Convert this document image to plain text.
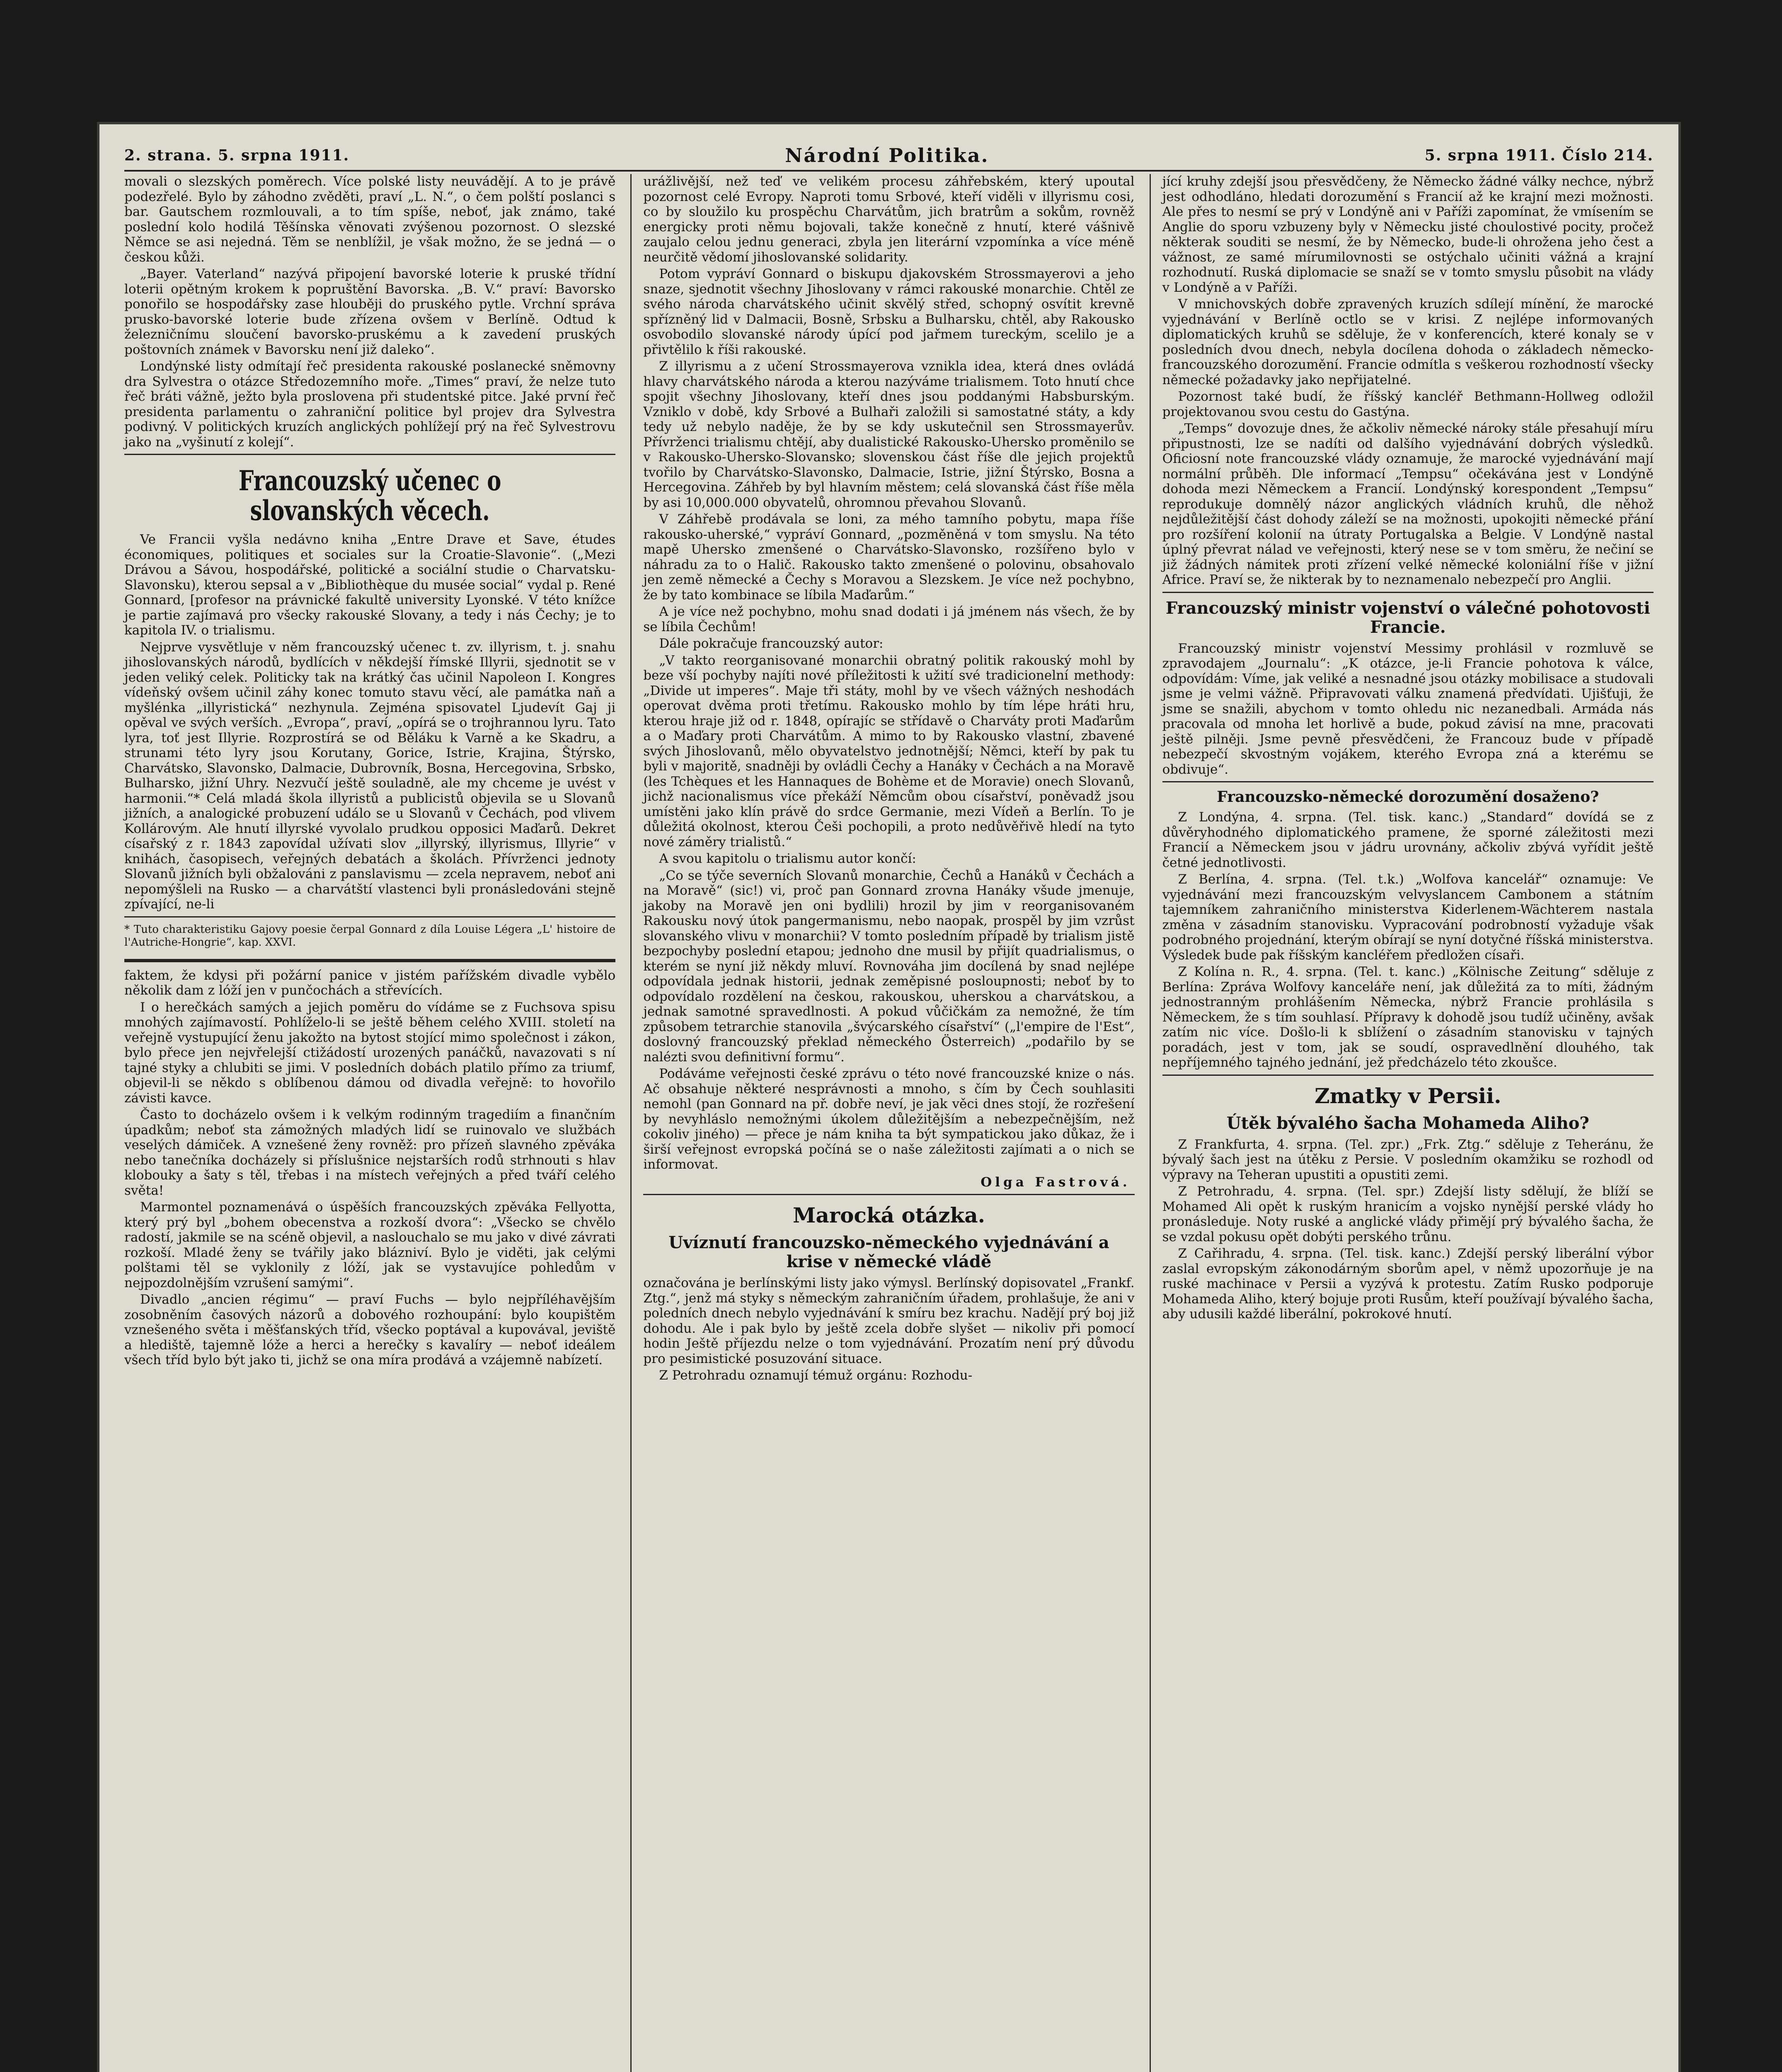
2. strana. 5. srpna 1911.	Národní Politika.	5. srpna 1911. Číslo 214.

movali o slezských poměrech. Více polské listy neuvádějí. A to je právě podezřelé. Bylo by záhodno zvěděti, praví „L. N.“, o čem polští poslanci s bar. Gautschem rozmlouvali, a to tím spíše, neboť, jak známo, také poslední kolo hodilá Těšínska věnovati zvýšenou pozornost. O slezské Němce se asi nejedná. Těm se nenblížil, je však možno, že se jedná — o českou kůži.

„Bayer. Vaterland“ nazývá připojení bavorské loterie k pruské třídní loterii opětným krokem k popruštění Bavorska. „B. V.“ praví: Bavorsko ponořilo se hospodářsky zase hlouběji do pruského pytle. Vrchní správa prusko-bavorské loterie bude zřízena ovšem v Berlíně. Odtud k železničnímu sloučení bavorsko-pruskému a k zavedení pruských poštovních známek v Bavorsku není již daleko“.

Londýnské listy odmítají řeč presidenta rakouské poslanecké sněmovny dra Sylvestra o otázce Středozemního moře. „Times“ praví, že nelze tuto řeč bráti vážně, ježto byla proslovena při studentské pitce. Jaké první řeč presidenta parlamentu o zahraniční politice byl projev dra Sylvestra podivný. V politických kruzích anglických pohlížejí prý na řeč Sylvestrovu jako na „vyšinutí z kolejí“.

Francouzský učenec o slovanských věcech.

Ve Francii vyšla nedávno kniha „Entre Drave et Save, études économiques, politiques et sociales sur la Croatie-Slavonie“. („Mezi Drávou a Sávou, hospodářské, politické a sociální studie o Charvatsku-Slavonsku), kterou sepsal a v „Bibliothèque du musée social“ vydal p. René Gonnard, [profesor na právnické fakultě university Lyonské. V této knížce je partie zajímavá pro všecky rakouské Slovany, a tedy i nás Čechy; je to kapitola IV. o trialismu.

Nejprve vysvětluje v něm francouzský učenec t. zv. illyrism, t. j. snahu jihoslovanských národů, bydlících v někdejší římské Illyrii, sjednotit se v jeden veliký celek. Politicky tak na krátký čas učinil Napoleon I. Kongres vídeňský ovšem učinil záhy konec tomuto stavu věcí, ale památka naň a myšlénka „illyristická“ nezhynula. Zejména spisovatel Ljudevít Gaj ji opěval ve svých verších. „Evropa“, praví, „opírá se o trojhrannou lyru. Tato lyra, toť jest Illyrie. Rozprostírá se od Běláku k Varně a ke Skadru, a strunami této lyry jsou Korutany, Gorice, Istrie, Krajina, Štýrsko, Charvátsko, Slavonsko, Dalmacie, Dubrovník, Bosna, Hercegovina, Srbsko, Bulharsko, jižní Uhry. Nezvučí ještě souladně, ale my chceme je uvést v harmonii.“* Celá mladá škola illyristů a publicistů objevila se u Slovanů jižních, a analogické probuzení událo se u Slovanů v Čechách, pod vlivem Kollárovým. Ale hnutí illyrské vyvolalo prudkou opposici Maďarů. Dekret císařský z r. 1843 zapovídal užívati slov „illyrský, illyrismus, Illyrie“ v knihách, časopisech, veřejných debatách a školách. Přívrženci jednoty Slovanů jižních byli obžalováni z panslavismu — zcela nepravem, neboť ani nepomýšleli na Rusko — a charvátští vlastenci byli pronásledováni stejně zpívající, ne-li

* Tuto charakteristiku Gajovy poesie čerpal Gonnard z díla Louise Légera „L' histoire de l'Autriche-Hongrie“, kap. XXVI.

faktem, že kdysi při požární panice v jistém pařížském divadle vybělo několik dam z lóží jen v punčochách a střevících.

I o herečkách samých a jejich poměru do vídáme se z Fuchsova spisu mnohých zajímavostí. Pohlíželo-li se ještě během celého XVIII. století na veřejně vystupující ženu jakožto na bytost stojící mimo společnost i zákon, bylo přece jen nejvřelejší ctižádostí urozených panáčků, navazovati s ní tajné styky a chlubiti se jimi. V posledních dobách platilo přímo za triumf, objevil-li se někdo s oblíbenou dámou od divadla veřejně: to hovořilo závisti kavce.

Často to docházelo ovšem i k velkým rodinným tragediím a finančním úpadkům; neboť sta zámožných mladých lidí se ruinovalo ve službách veselých dámiček. A vznešené ženy rovněž: pro přízeň slavného zpěváka nebo tanečníka docházely si příslušnice nejstarších rodů strhnouti s hlav klobouky a šaty s těl, třebas i na místech veřejných a před tváří celého světa!

Marmontel poznamenává o úspěších francouzských zpěváka Fellyotta, který prý byl „bohem obecenstva a rozkoší dvora“: „Všecko se chvělo radostí, jakmile se na scéně objevil, a naslouchalo se mu jako v divé závrati rozkoší. Mladé ženy se tvářily jako blázniví. Bylo je viděti, jak celými polštami těl se vyklonily z lóží, jak se vystavujíce pohledům v nejpozdolnějším vzrušení samými“.

Divadlo „ancien régimu“ — praví Fuchs — bylo nejpříléhavějším zosobněním časových názorů a dobového rozhoupání: bylo koupištěm vznešeného světa i měšťanských tříd, všecko poptával a kupovával, jeviště a hlediště, tajemně lóže a herci a herečky s kavalíry — neboť ideálem všech tříd bylo být jako ti, jichž se ona míra prodává a vzájemně nabízetí.

urážlivější, než teď ve velikém procesu záhřebském, který upoutal pozornost celé Evropy. Naproti tomu Srbové, kteří viděli v illyrismu cosi, co by sloužilo ku prospěchu Charvátům, jich bratrům a sokům, rovněž energicky proti němu bojovali, takže konečně z hnutí, které vášnivě zaujalo celou jednu generaci, zbyla jen literární vzpomínka a více méně neurčitě vědomí jihoslovanské solidarity.

Potom vypráví Gonnard o biskupu djakovském Strossmayerovi a jeho snaze, sjednotit všechny Jihoslovany v rámci rakouské monarchie. Chtěl ze svého národa charvátského učinit skvělý střed, schopný osvítit krevně spřízněný lid v Dalmacii, Bosně, Srbsku a Bulharsku, chtěl, aby Rakousko osvobodilo slovanské národy úpící pod jařmem tureckým, scelilo je a přivtělilo k říši rakouské.

Z illyrismu a z učení Strossmayerova vznikla idea, která dnes ovládá hlavy charvátského národa a kterou nazýváme trialismem. Toto hnutí chce spojit všechny Jihoslovany, kteří dnes jsou poddanými Habsburským. Vzniklo v době, kdy Srbové a Bulhaři založili si samostatné státy, a kdy tedy už nebylo naděje, že by se kdy uskutečnil sen Strossmayerův. Přívrženci trialismu chtějí, aby dualistické Rakousko-Uhersko proměnilo se v Rakousko-Uhersko-Slovansko; slovenskou část říše dle jejich projektů tvořilo by Charvátsko-Slavonsko, Dalmacie, Istrie, jižní Štýrsko, Bosna a Hercegovina. Záhřeb by byl hlavním městem; celá slovanská část říše měla by asi 10,000.000 obyvatelů, ohromnou převahou Slovanů.

V Záhřebě prodávala se loni, za mého tamního pobytu, mapa říše rakousko-uherské,“ vypráví Gonnard, „pozměněná v tom smyslu. Na této mapě Uhersko zmenšené o Charvátsko-Slavonsko, rozšířeno bylo v náhradu za to o Halič. Rakousko takto zmenšené o polovinu, obsahovalo jen země německé a Čechy s Moravou a Slezskem. Je více než pochybno, že by tato kombinace se líbila Maďarům.“

A je více než pochybno, mohu snad dodati i já jménem nás všech, že by se líbila Čechům!

Dále pokračuje francouzský autor:

„V takto reorganisované monarchii obratný politik rakouský mohl by beze vší pochyby najíti nové příležitosti k užití své tradicionelní methody: „Divide ut imperes“. Maje tři státy, mohl by ve všech vážných neshodách operovat dvěma proti třetímu. Rakousko mohlo by tím lépe hráti hru, kterou hraje již od r. 1848, opírajíc se střídavě o Charváty proti Maďarům a o Maďary proti Charvátům. A mimo to by Rakousko vlastní, zbavené svých Jihoslovanů, mělo obyvatelstvo jednotnější; Němci, kteří by pak tu byli v majoritě, snadněji by ovládli Čechy a Hanáky v Čechách a na Moravě (les Tchèques et les Hannaques de Bohème et de Moravie) onech Slovanů, jichž nacionalismus více překáží Němcům obou císařství, poněvadž jsou umístěni jako klín právě do srdce Germanie, mezi Vídeň a Berlín. To je důležitá okolnost, kterou Češi pochopili, a proto nedůvěřivě hledí na tyto nové záměry trialistů.“

A svou kapitolu o trialismu autor končí:

„Co se týče severních Slovanů monarchie, Čechů a Hanáků v Čechách a na Moravě“ (sic!) vi, proč pan Gonnard zrovna Hanáky všude jmenuje, jakoby na Moravě jen oni bydlili) hrozil by jim v reorganisovaném Rakousku nový útok pangermanismu, nebo naopak, prospěl by jim vzrůst slovanského vlivu v monarchii? V tomto posledním případě by trialism jistě bezpochyby poslední etapou; jednoho dne musil by přijít quadrialismus, o kterém se nyní již někdy mluví. Rovnováha jim docílená by snad nejlépe odpovídala jednak historii, jednak zeměpisné posloupnosti; neboť by to odpovídalo rozdělení na českou, rakouskou, uherskou a charvátskou, a jednak samotné spravedlnosti. A pokud vůčičkám za nemožné, že tím způsobem tetrarchie stanovila „švýcarského císařství“ („l'empire de l'Est“, doslovný francouzský překlad německého Österreich) „podařilo by se nalézti svou definitivní formu“.

Podáváme veřejnosti české zprávu o této nové francouzské knize o nás. Ač obsahuje některé nesprávnosti a mnoho, s čím by Čech souhlasiti nemohl (pan Gonnard na př. dobře neví, je jak věci dnes stojí, že rozřešení by nevyhláslo nemožnými úkolem důležitějším a nebezpečnějším, než cokoliv jiného) — přece je nám kniha ta být sympatickou jako důkaz, že i širší veřejnost evropská počíná se o naše záležitosti zajímati a o nich se informovat.

Olga Fastrová.
Marocká otázka.
Uvíznutí francouzsko-německého vyjednávání a krise v německé vládě

označována je berlínskými listy jako výmysl. Berlínský dopisovatel „Frankf. Ztg.“, jenž má styky s německým zahraničním úřadem, prohlašuje, že ani v poledních dnech nebylo vyjednávání k smíru bez krachu. Nadějí prý boj již dohodu. Ale i pak bylo by ještě zcela dobře slyšet — nikoliv při pomocí hodin Ještě příjezdu nelze o tom vyjednávání. Prozatím není prý důvodu pro pesimistické posuzování situace.

Z Petrohradu oznamují témuž orgánu: Rozhodu-

jící kruhy zdejší jsou přesvědčeny, že Německo žádné války nechce, nýbrž jest odhodláno, hledati dorozumění s Francií až ke krajní mezi možnosti. Ale přes to nesmí se prý v Londýně ani v Paříži zapomínat, že vmísením se Anglie do sporu vzbuzeny byly v Německu jisté choulostivé pocity, pročež některak souditi se nesmí, že by Německo, bude-li ohrožena jeho čest a vážnost, ze samé mírumilovnosti se ostýchalo učiniti vážná a krajní rozhodnutí. Ruská diplomacie se snaží se v tomto smyslu působit na vlády v Londýně a v Paříži.

V mnichovských dobře zpravených kruzích sdílejí mínění, že marocké vyjednávání v Berlíně octlo se v krisi. Z nejlépe informovaných diplomatických kruhů se sděluje, že v konferencích, které konaly se v posledních dvou dnech, nebyla docílena dohoda o základech německo-francouzského dorozumění. Francie odmítla s veškerou rozhodností všecky německé požadavky jako nepřijatelné.

Pozornost také budí, že říšský kancléř Bethmann-Hollweg odložil projektovanou svou cestu do Gastýna.

„Temps“ dovozuje dnes, že ačkoliv německé nároky stále přesahují míru připustnosti, lze se nadíti od dalšího vyjednávání dobrých výsledků. Oficiosní note francouzské vlády oznamuje, že marocké vyjednávání mají normální průběh. Dle informací „Tempsu“ očekávána jest v Londýně dohoda mezi Německem a Francií. Londýnský korespondent „Tempsu“ reprodukuje domnělý názor anglických vládních kruhů, dle něhož nejdůležitější část dohody záleží se na možnosti, upokojiti německé přání pro rozšíření kolonií na útraty Portugalska a Belgie. V Londýně nastal úplný převrat nálad ve veřejnosti, který nese se v tom směru, že nečiní se již žádných námitek proti zřízení velké německé koloniální říše v jižní Africe. Praví se, že nikterak by to neznamenalo nebezpečí pro Anglii.

Francouzský ministr vojenství o válečné pohotovosti Francie.

Francouzský ministr vojenství Messimy prohlásil v rozmluvě se zpravodajem „Journalu“: „K otázce, je-li Francie pohotova k válce, odpovídám: Víme, jak veliké a nesnadné jsou otázky mobilisace a studovali jsme je velmi vážně. Připravovati válku znamená předvídati. Ujišťuji, že jsme se snažili, abychom v tomto ohledu nic nezanedbali. Armáda nás pracovala od mnoha let horlivě a bude, pokud závisí na mne, pracovati ještě pilněji. Jsme pevně přesvědčeni, že Francouz bude v případě nebezpečí skvostným vojákem, kterého Evropa zná a kterému se obdivuje“.

Francouzsko-německé dorozumění dosaženo?

Z Londýna, 4. srpna. (Tel. tisk. kanc.) „Standard“ dovídá se z důvěryhodného diplomatického pramene, že sporné záležitosti mezi Francií a Německem jsou v jádru urovnány, ačkoliv zbývá vyřídit ještě četné jednotlivosti.

Z Berlína, 4. srpna. (Tel. t.k.) „Wolfova kancelář“ oznamuje: Ve vyjednávání mezi francouzským velvyslancem Cambonem a státním tajemníkem zahraničního ministerstva Kiderlenem-Wächterem nastala změna v zásadním stanovisku. Vypracování podrobností vyžaduje však podrobného projednání, kterým obírají se nyní dotyčné říšská ministerstva. Výsledek bude pak říšským kancléřem předložen císaři.

Z Kolína n. R., 4. srpna. (Tel. t. kanc.) „Kölnische Zeitung“ sděluje z Berlína: Zpráva Wolfovy kanceláře není, jak důležitá za to míti, žádným jednostranným prohlášením Německa, nýbrž Francie prohlásila s Německem, že s tím souhlasí. Přípravy k dohodě jsou tudíž učiněny, avšak zatím nic více. Došlo-li k sblížení o zásadním stanovisku v tajných poradách, jest v tom, jak se soudí, ospravedlnění dlouhého, tak nepříjemného tajného jednání, jež předcházelo této zkoušce.

Zmatky v Persii.
Útěk bývalého šacha Mohameda Aliho?

Z Frankfurta, 4. srpna. (Tel. zpr.) „Frk. Ztg.“ sděluje z Teheránu, že bývalý šach jest na útěku z Persie. V posledním okamžiku se rozhodl od výpravy na Teheran upustiti a opustiti zemi.

Z Petrohradu, 4. srpna. (Tel. spr.) Zdejší listy sdělují, že blíží se Mohamed Ali opět k ruským hranicím a vojsko nynější perské vlády ho pronásleduje. Noty ruské a anglické vlády přimějí prý bývalého šacha, že se vzdal pokusu opět dobýti perského trůnu.

Z Cařihradu, 4. srpna. (Tel. tisk. kanc.) Zdejší perský liberální výbor zaslal evropským zákonodárným sborům apel, v němž upozorňuje je na ruské machinace v Persii a vyzývá k protestu. Zatím Rusko podporuje Mohameda Aliho, který bojuje proti Rusům, kteří používají bývalého šacha, aby udusili každé liberální, pokrokové hnutí.
